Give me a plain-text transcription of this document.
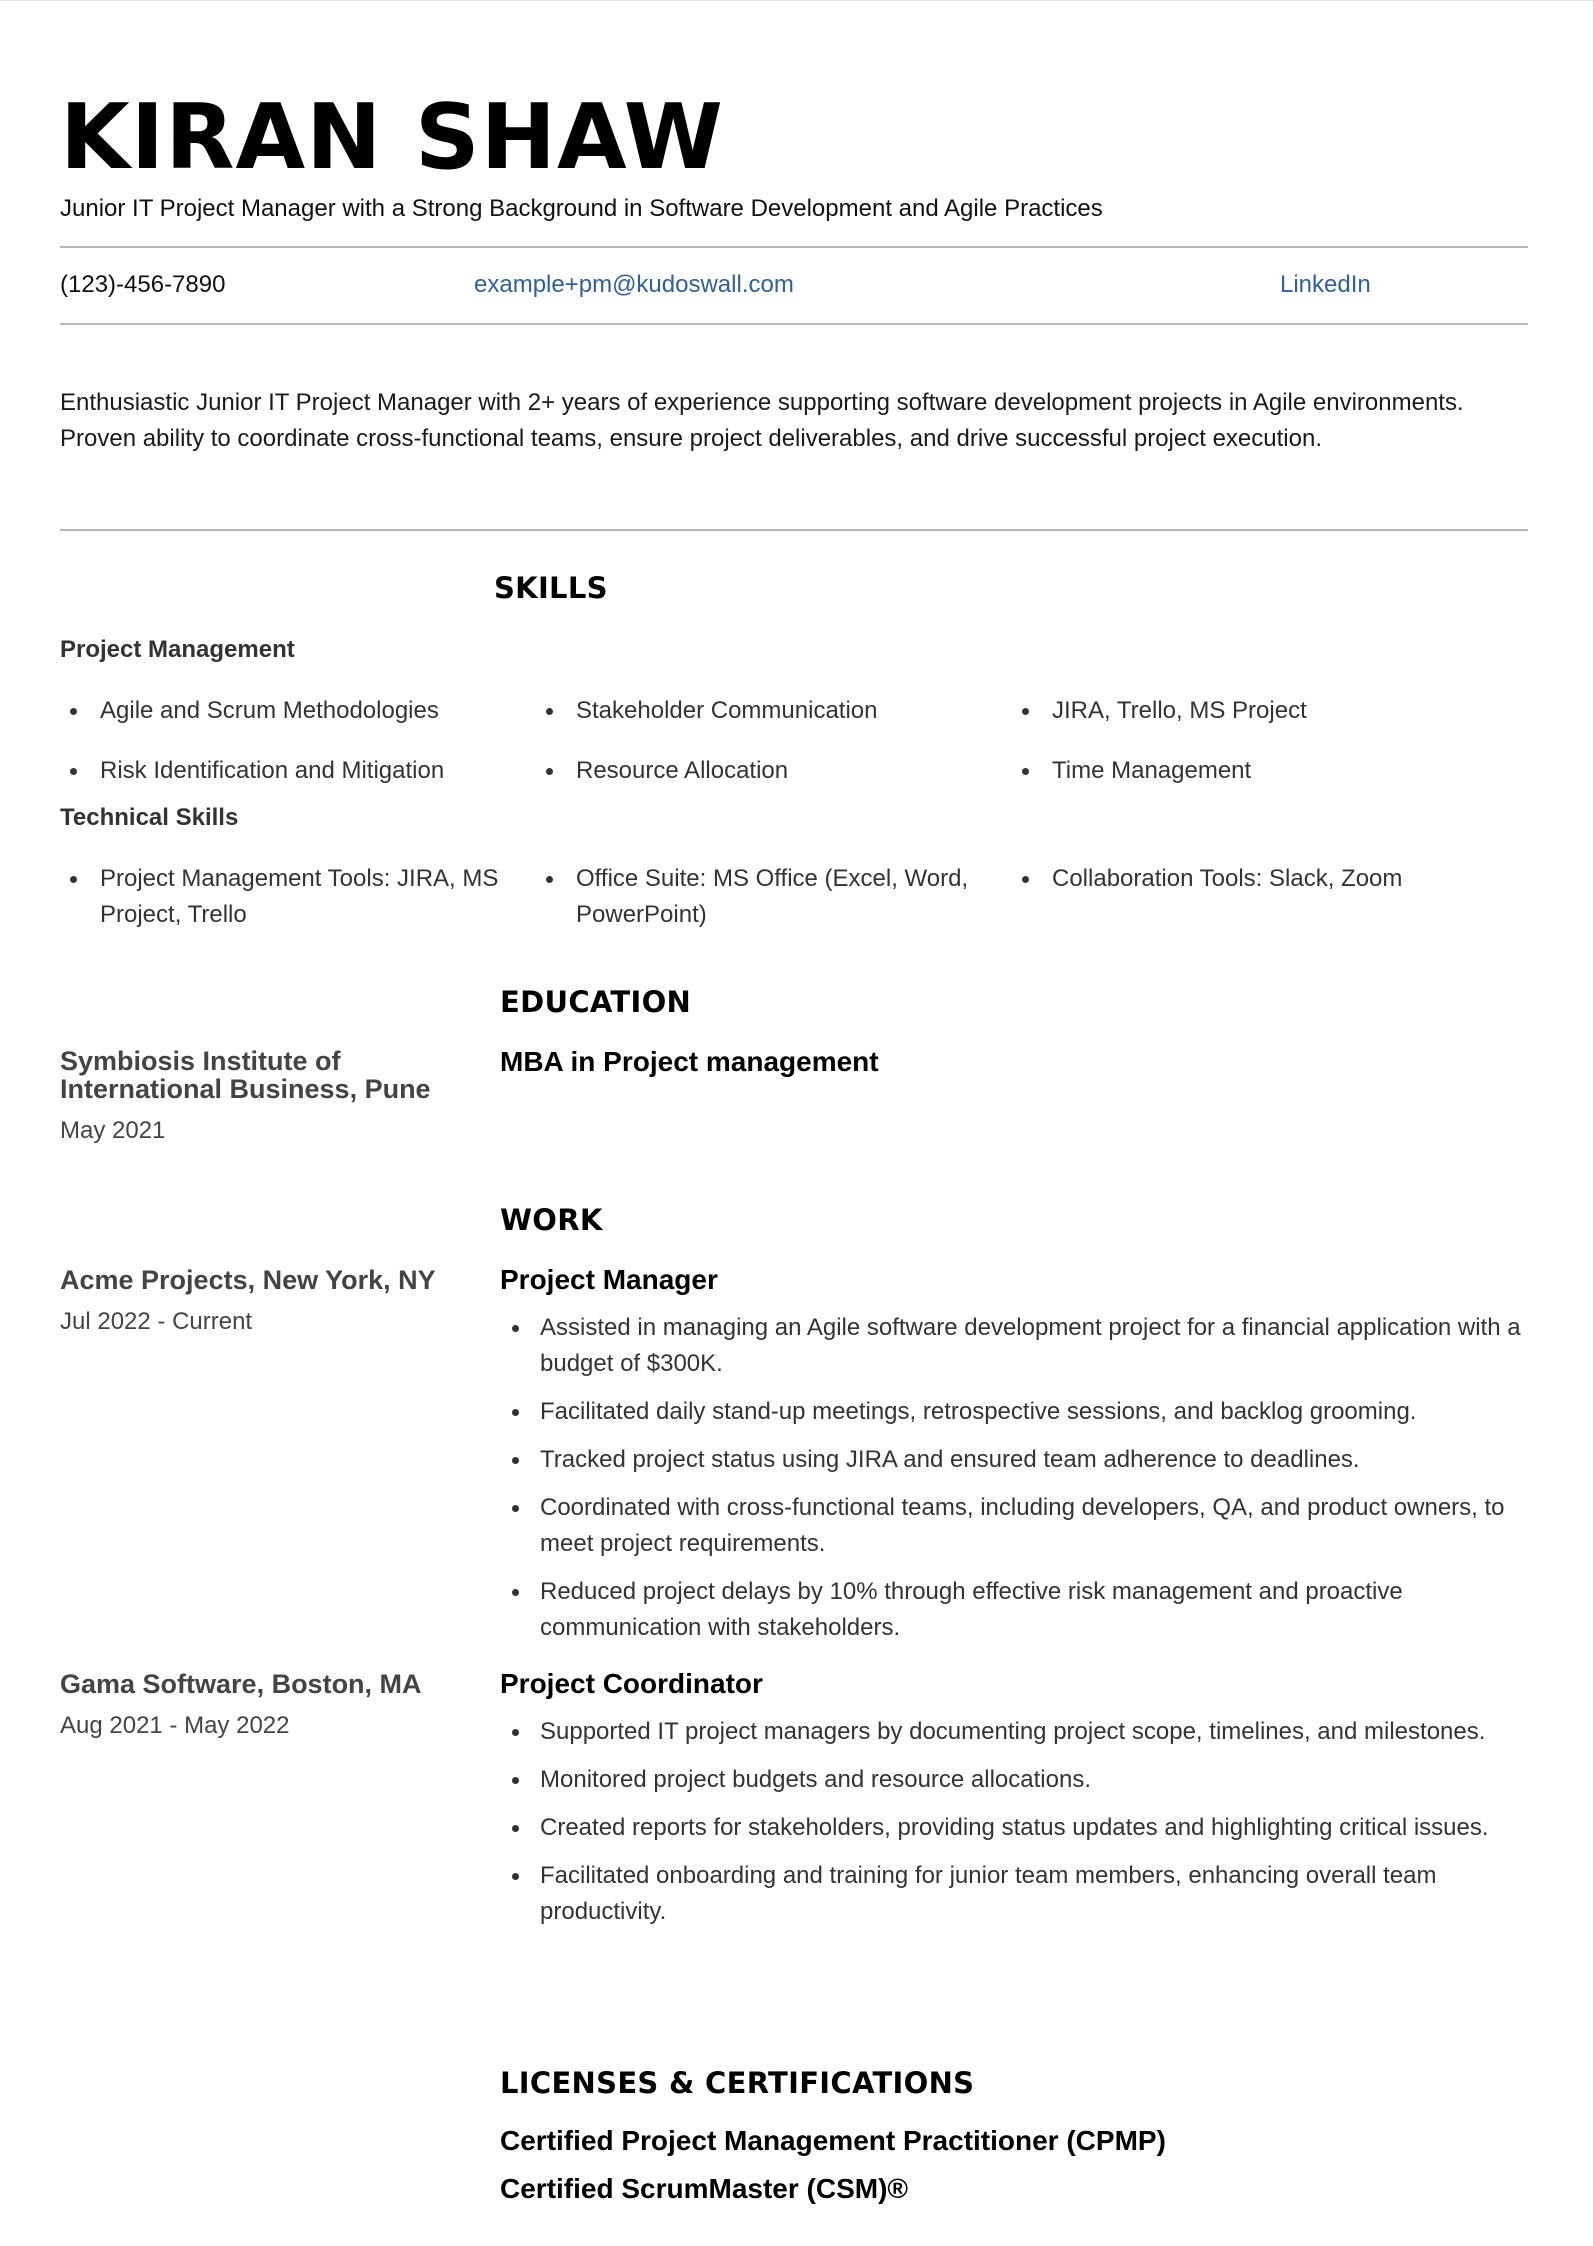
KIRAN SHAW
Junior IT Project Manager with a Strong Background in Software Development and Agile Practices
(123)-456-7890	example+pm@kudoswall.com	LinkedIn
Enthusiastic Junior IT Project Manager with 2+ years of experience supporting software development projects in Agile environments. Proven ability to coordinate cross-functional teams, ensure project deliverables, and drive successful project execution.
SKILLS
Project Management
Agile and Scrum Methodologies	Stakeholder Communication	JIRA, Trello, MS Project
Risk Identification and Mitigation	Resource Allocation	Time Management
Technical Skills
Project Management Tools: JIRA, MS Project, Trello
Office Suite: MS Office (Excel, Word, PowerPoint)
Collaboration Tools: Slack, Zoom
EDUCATION
Symbiosis Institute of International Business, Pune
May 2021
MBA in Project management
WORK
Acme Projects, New York, NY
Jul 2022 - Current
Project Manager
Assisted in managing an Agile software development project for a financial application with a budget of $300K.
Facilitated daily stand-up meetings, retrospective sessions, and backlog grooming.
Tracked project status using JIRA and ensured team adherence to deadlines.
Coordinated with cross-functional teams, including developers, QA, and product owners, to meet project requirements.
Reduced project delays by 10% through effective risk management and proactive communication with stakeholders.
Gama Software, Boston, MA
Aug 2021 - May 2022
Project Coordinator
Supported IT project managers by documenting project scope, timelines, and milestones.
Monitored project budgets and resource allocations.
Created reports for stakeholders, providing status updates and highlighting critical issues.
Facilitated onboarding and training for junior team members, enhancing overall team productivity.
LICENSES & CERTIFICATIONS
Certified Project Management Practitioner (CPMP)
Certified ScrumMaster (CSM)®
